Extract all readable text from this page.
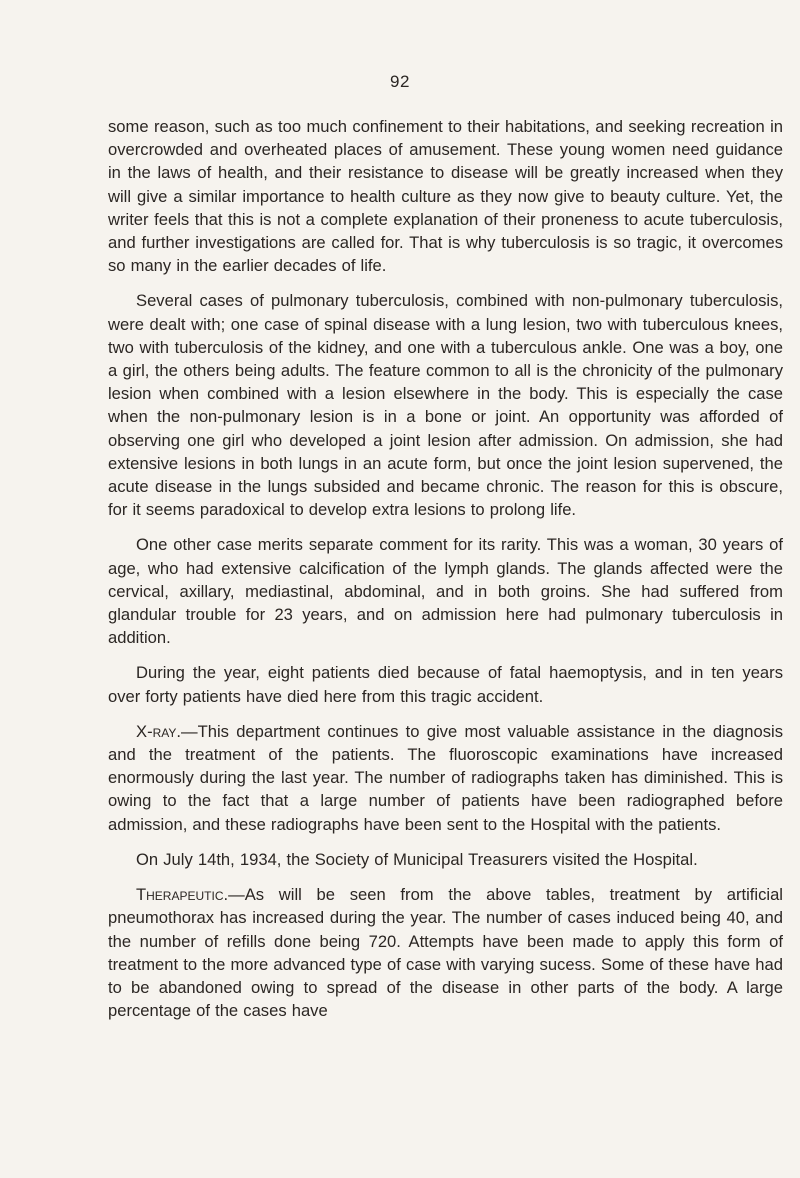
92

some reason, such as too much confinement to their habitations, and seeking recreation in overcrowded and overheated places of amusement. These young women need guidance in the laws of health, and their resistance to disease will be greatly increased when they will give a similar importance to health culture as they now give to beauty culture. Yet, the writer feels that this is not a complete explanation of their proneness to acute tuberculosis, and further investigations are called for. That is why tuberculosis is so tragic, it overcomes so many in the earlier decades of life.

Several cases of pulmonary tuberculosis, combined with non-pulmonary tuberculosis, were dealt with; one case of spinal disease with a lung lesion, two with tuberculous knees, two with tuberculosis of the kidney, and one with a tuberculous ankle. One was a boy, one a girl, the others being adults. The feature common to all is the chronicity of the pulmonary lesion when combined with a lesion elsewhere in the body. This is especially the case when the non-pulmonary lesion is in a bone or joint. An opportunity was afforded of observing one girl who developed a joint lesion after admission. On admission, she had extensive lesions in both lungs in an acute form, but once the joint lesion supervened, the acute disease in the lungs subsided and became chronic. The reason for this is obscure, for it seems paradoxical to develop extra lesions to prolong life.

One other case merits separate comment for its rarity. This was a woman, 30 years of age, who had extensive calcification of the lymph glands. The glands affected were the cervical, axillary, mediastinal, abdominal, and in both groins. She had suffered from glandular trouble for 23 years, and on admission here had pulmonary tuberculosis in addition.

During the year, eight patients died because of fatal haemoptysis, and in ten years over forty patients have died here from this tragic accident.

X-ray.—This department continues to give most valuable assistance in the diagnosis and the treatment of the patients. The fluoroscopic examinations have increased enormously during the last year. The number of radiographs taken has diminished. This is owing to the fact that a large number of patients have been radiographed before admission, and these radiographs have been sent to the Hospital with the patients.

On July 14th, 1934, the Society of Municipal Treasurers visited the Hospital.

Therapeutic.—As will be seen from the above tables, treatment by artificial pneumothorax has increased during the year. The number of cases induced being 40, and the number of refills done being 720. Attempts have been made to apply this form of treatment to the more advanced type of case with varying sucess. Some of these have had to be abandoned owing to spread of the disease in other parts of the body. A large percentage of the cases have
